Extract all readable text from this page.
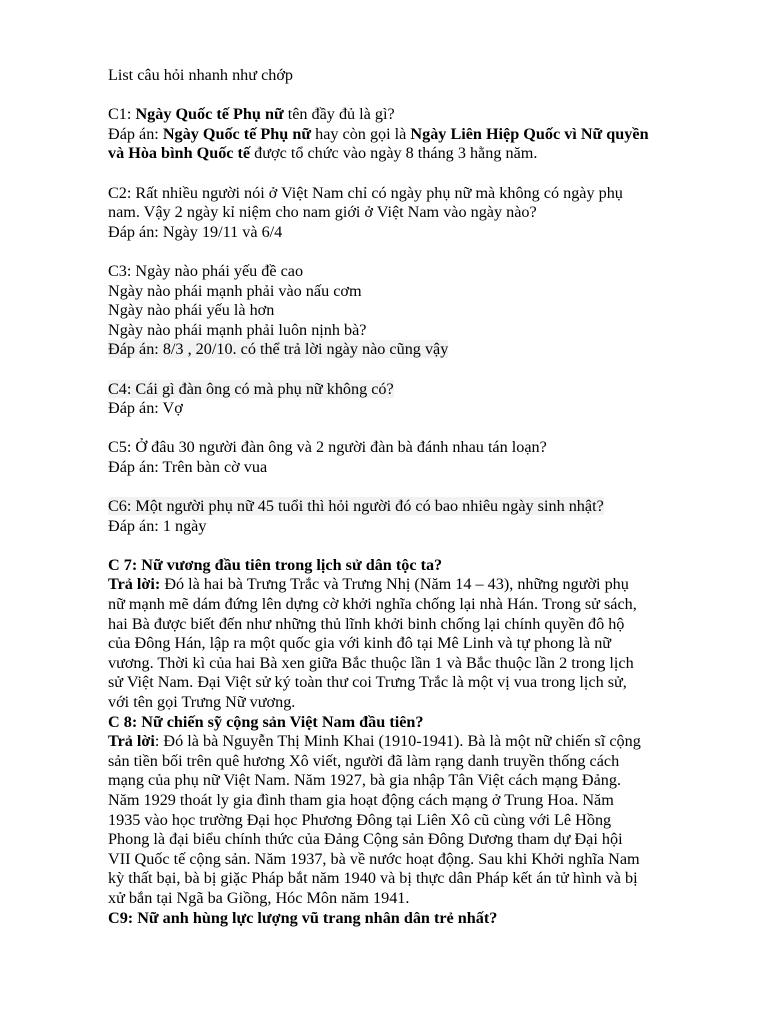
List câu hỏi nhanh như chớp
C1: Ngày Quốc tế Phụ nữ tên đầy đủ là gì?
Đáp án: Ngày Quốc tế Phụ nữ hay còn gọi là Ngày Liên Hiệp Quốc vì Nữ quyền
và Hòa bình Quốc tế được tổ chức vào ngày 8 tháng 3 hằng năm.
C2: Rất nhiều người nói ở Việt Nam chỉ có ngày phụ nữ mà không có ngày phụ
nam. Vậy 2 ngày kỉ niệm cho nam giới ở Việt Nam vào ngày nào?
Đáp án: Ngày 19/11 và 6/4
C3: Ngày nào phái yếu đề cao
Ngày nào phái mạnh phải vào nấu cơm
Ngày nào phái yếu là hơn
Ngày nào phái mạnh phải luôn nịnh bà?
Đáp án: 8/3 , 20/10. có thể trả lời ngày nào cũng vậy
C4: Cái gì đàn ông có mà phụ nữ không có?
Đáp án: Vợ
C5: Ở đâu 30 người đàn ông và 2 người đàn bà đánh nhau tán loạn?
Đáp án: Trên bàn cờ vua
C6: Một người phụ nữ 45 tuổi thì hỏi người đó có bao nhiêu ngày sinh nhật?
Đáp án: 1 ngày
C 7: Nữ vương đầu tiên trong lịch sử dân tộc ta?
Trả lời: Đó là hai bà Trưng Trắc và Trưng Nhị (Năm 14 – 43), những người phụ
nữ mạnh mẽ dám đứng lên dựng cờ khởi nghĩa chống lại nhà Hán. Trong sử sách,
hai Bà được biết đến như những thủ lĩnh khởi binh chống lại chính quyền đô hộ
của Đông Hán, lập ra một quốc gia với kinh đô tại Mê Linh và tự phong là nữ
vương. Thời kì của hai Bà xen giữa Bắc thuộc lần 1 và Bắc thuộc lần 2 trong lịch
sử Việt Nam. Đại Việt sử ký toàn thư coi Trưng Trắc là một vị vua trong lịch sử,
với tên gọi Trưng Nữ vương.
C 8: Nữ chiến sỹ cộng sản Việt Nam đầu tiên?
Trả lời: Đó là bà Nguyễn Thị Minh Khai (1910-1941). Bà là một nữ chiến sĩ cộng
sản tiền bối trên quê hương Xô viết, người đã làm rạng danh truyền thống cách
mạng của phụ nữ Việt Nam. Năm 1927, bà gia nhập Tân Việt cách mạng Đảng.
Năm 1929 thoát ly gia đình tham gia hoạt động cách mạng ở Trung Hoa. Năm
1935 vào học trường Đại học Phương Đông tại Liên Xô cũ cùng với Lê Hồng
Phong là đại biểu chính thức của Đảng Cộng sản Đông Dương tham dự Đại hội
VII Quốc tế cộng sản. Năm 1937, bà về nước hoạt động. Sau khi Khởi nghĩa Nam
kỳ thất bại, bà bị giặc Pháp bắt năm 1940 và bị thực dân Pháp kết án tử hình và bị
xử bắn tại Ngã ba Giồng, Hóc Môn năm 1941.
C9: Nữ anh hùng lực lượng vũ trang nhân dân trẻ nhất?
